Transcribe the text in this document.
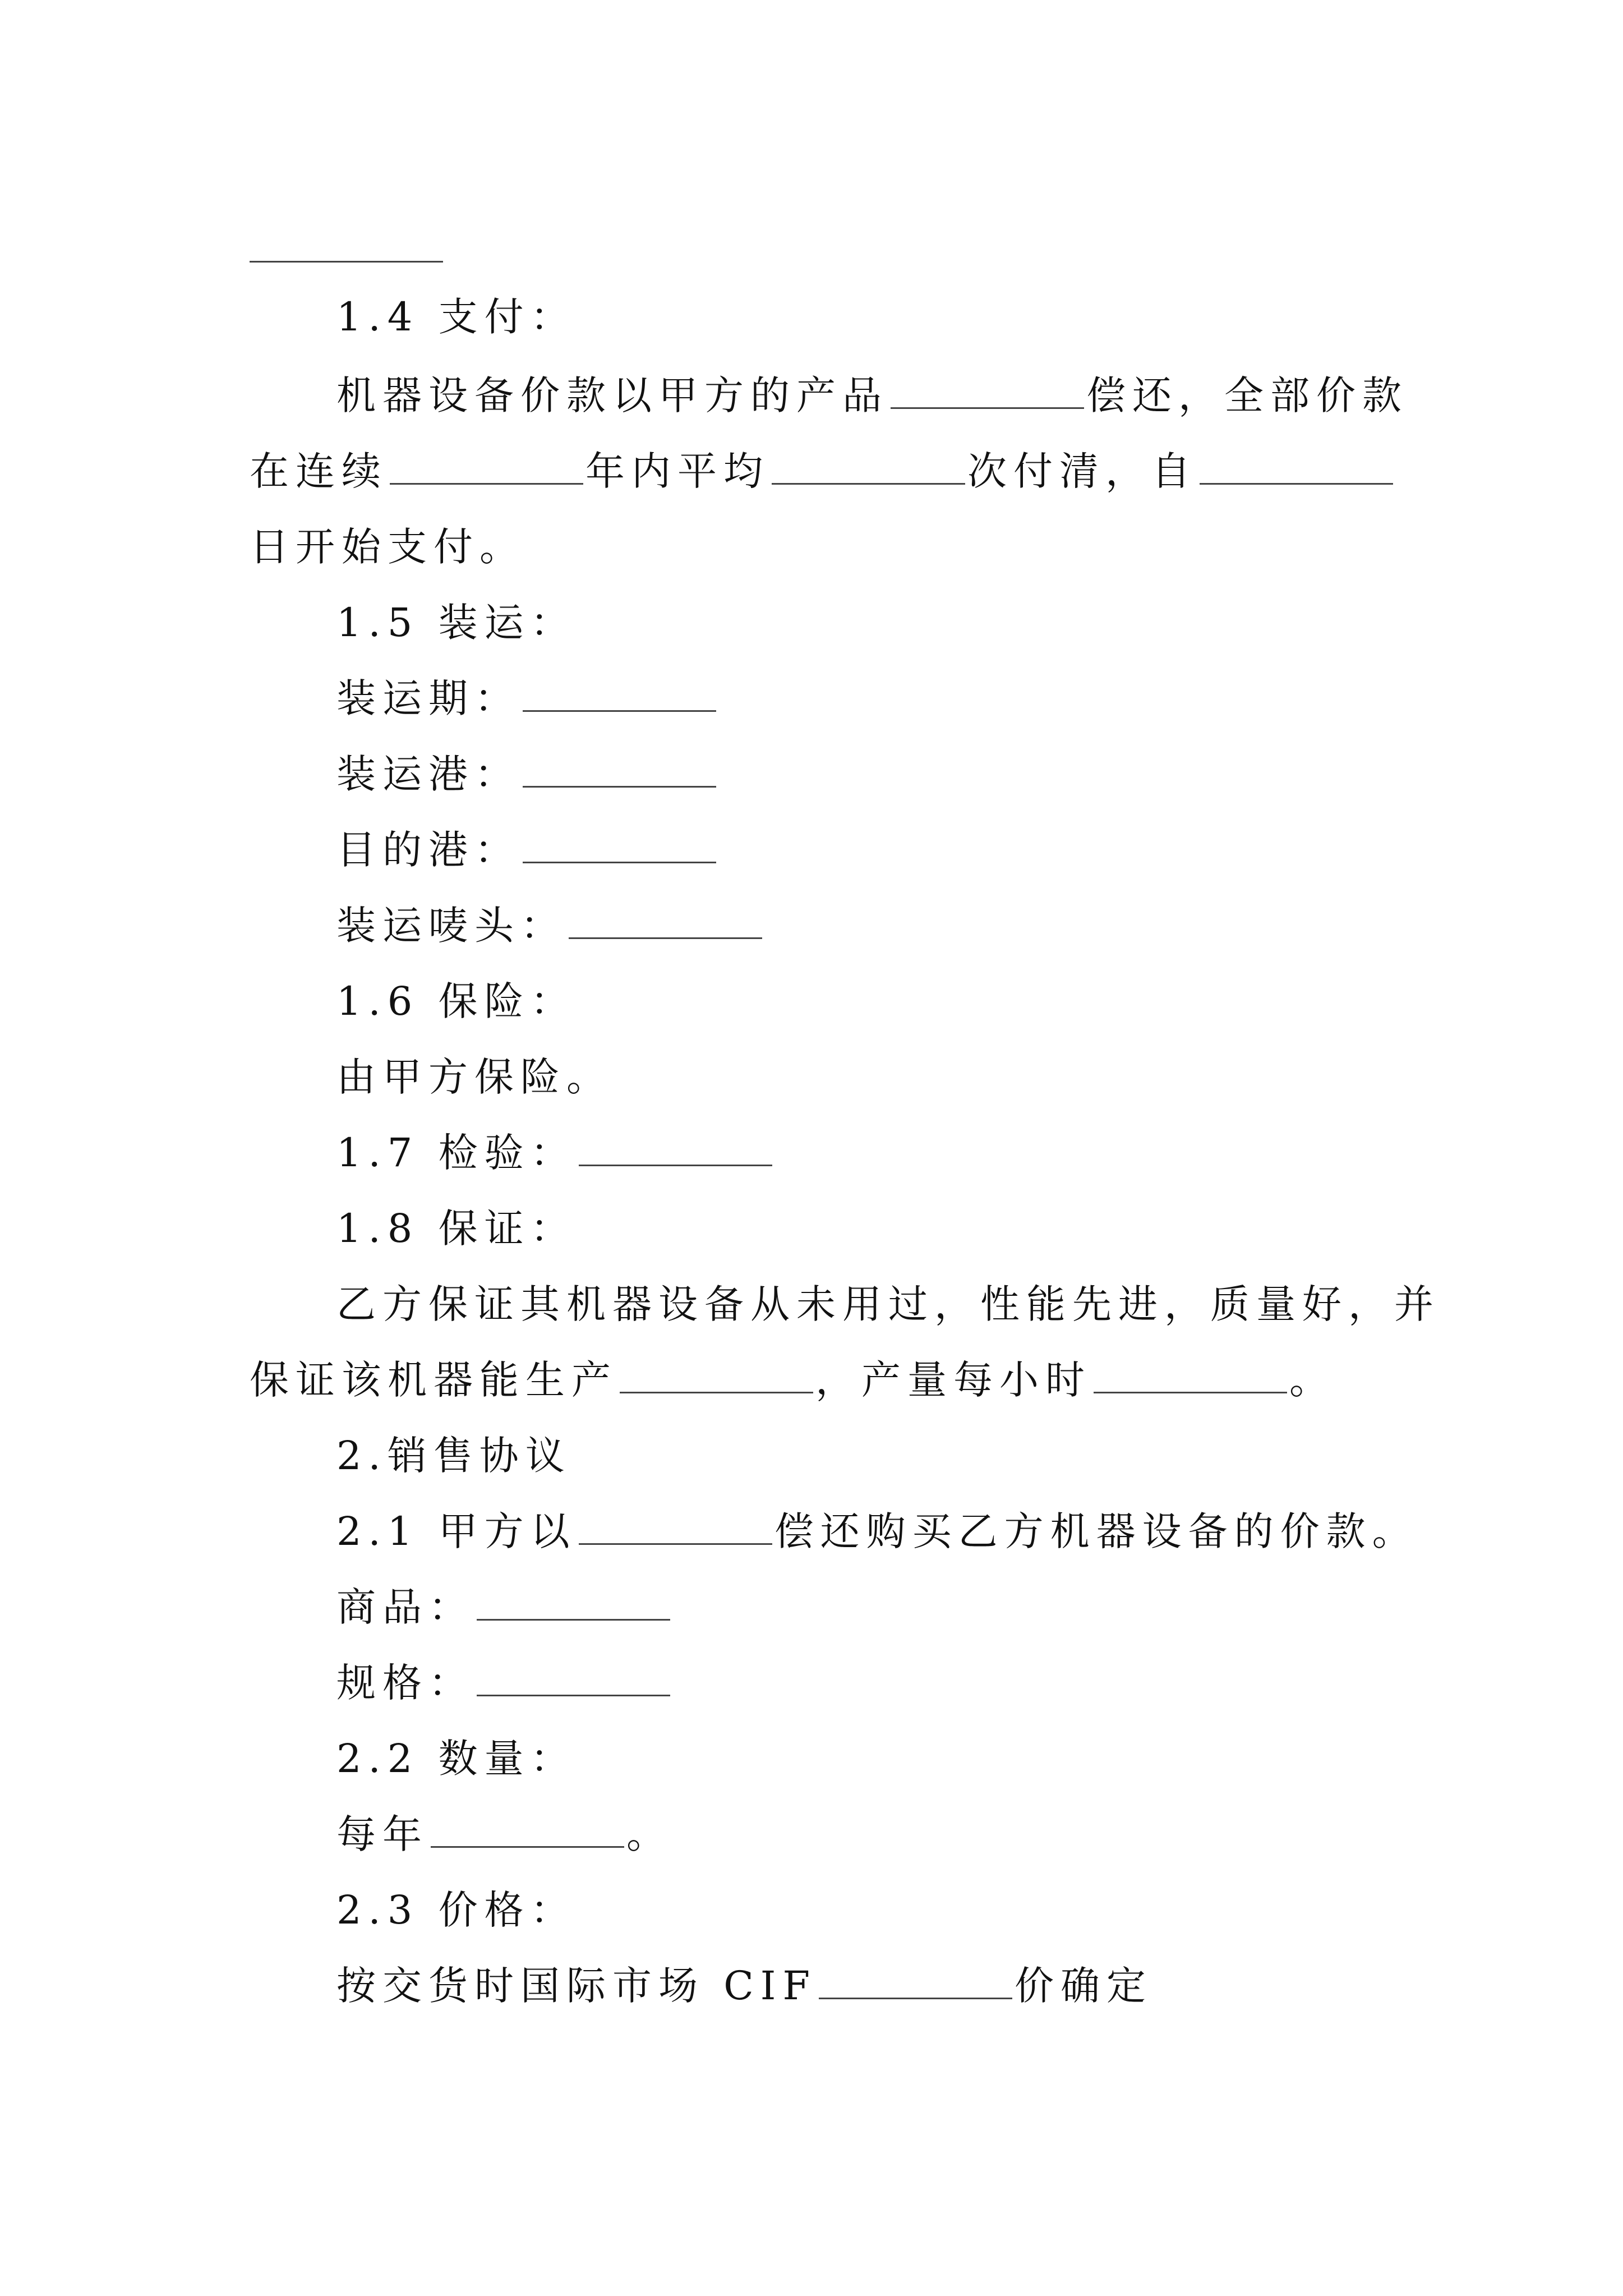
1.4 支付：
机器设备价款以甲方的产品	偿还，全部价款
在连续	年内平均	次付清，自
日开始支付。
1.5 装运：
装运期：
装运港：
目的港：
装运唛头：
1.6 保险：
由甲方保险。
1.7 检验：
1.8 保证：
乙方保证其机器设备从未用过，性能先进，质量好，并
保证该机器能生产	，产量每小时	。
2.销售协议
2.1 甲方以	偿还购买乙方机器设备的价款。
商品：
规格：
2.2 数量：
每年	。
2.3 价格：
按交货时国际市场 CIF	价确定
